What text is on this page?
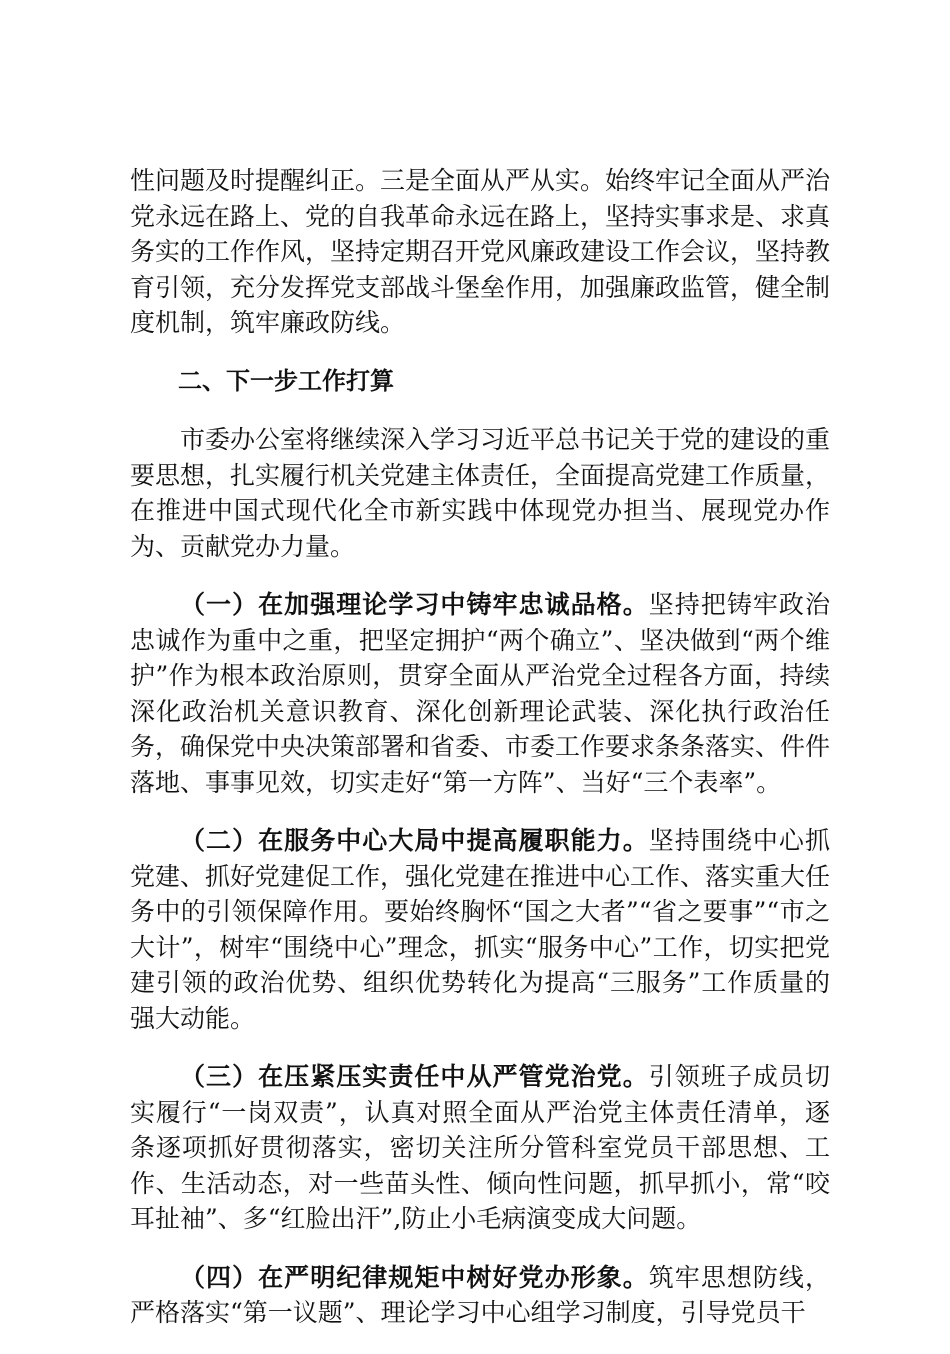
性问题及时提醒纠正。三是全面从严从实。始终牢记全面从严治党永远在路上、党的自我革命永远在路上，坚持实事求是、求真务实的工作作风，坚持定期召开党风廉政建设工作会议，坚持教育引领，充分发挥党支部战斗堡垒作用，加强廉政监管，健全制度机制，筑牢廉政防线。

二、下一步工作打算

市委办公室将继续深入学习习近平总书记关于党的建设的重要思想，扎实履行机关党建主体责任，全面提高党建工作质量，在推进中国式现代化全市新实践中体现党办担当、展现党办作为、贡献党办力量。

（一）在加强理论学习中铸牢忠诚品格。坚持把铸牢政治忠诚作为重中之重，把坚定拥护“两个确立”、坚决做到“两个维护”作为根本政治原则，贯穿全面从严治党全过程各方面，持续深化政治机关意识教育、深化创新理论武装、深化执行政治任务，确保党中央决策部署和省委、市委工作要求条条落实、件件落地、事事见效，切实走好“第一方阵”、当好“三个表率”。

（二）在服务中心大局中提高履职能力。坚持围绕中心抓党建、抓好党建促工作，强化党建在推进中心工作、落实重大任务中的引领保障作用。要始终胸怀“国之大者”“省之要事”“市之大计”，树牢“围绕中心”理念，抓实“服务中心”工作，切实把党建引领的政治优势、组织优势转化为提高“三服务”工作质量的强大动能。

（三）在压紧压实责任中从严管党治党。引领班子成员切实履行“一岗双责”，认真对照全面从严治党主体责任清单，逐条逐项抓好贯彻落实，密切关注所分管科室党员干部思想、工作、生活动态，对一些苗头性、倾向性问题，抓早抓小，常“咬耳扯袖”、多“红脸出汗”,防止小毛病演变成大问题。

（四）在严明纪律规矩中树好党办形象。筑牢思想防线，严格落实“第一议题”、理论学习中心组学习制度，引导党员干
